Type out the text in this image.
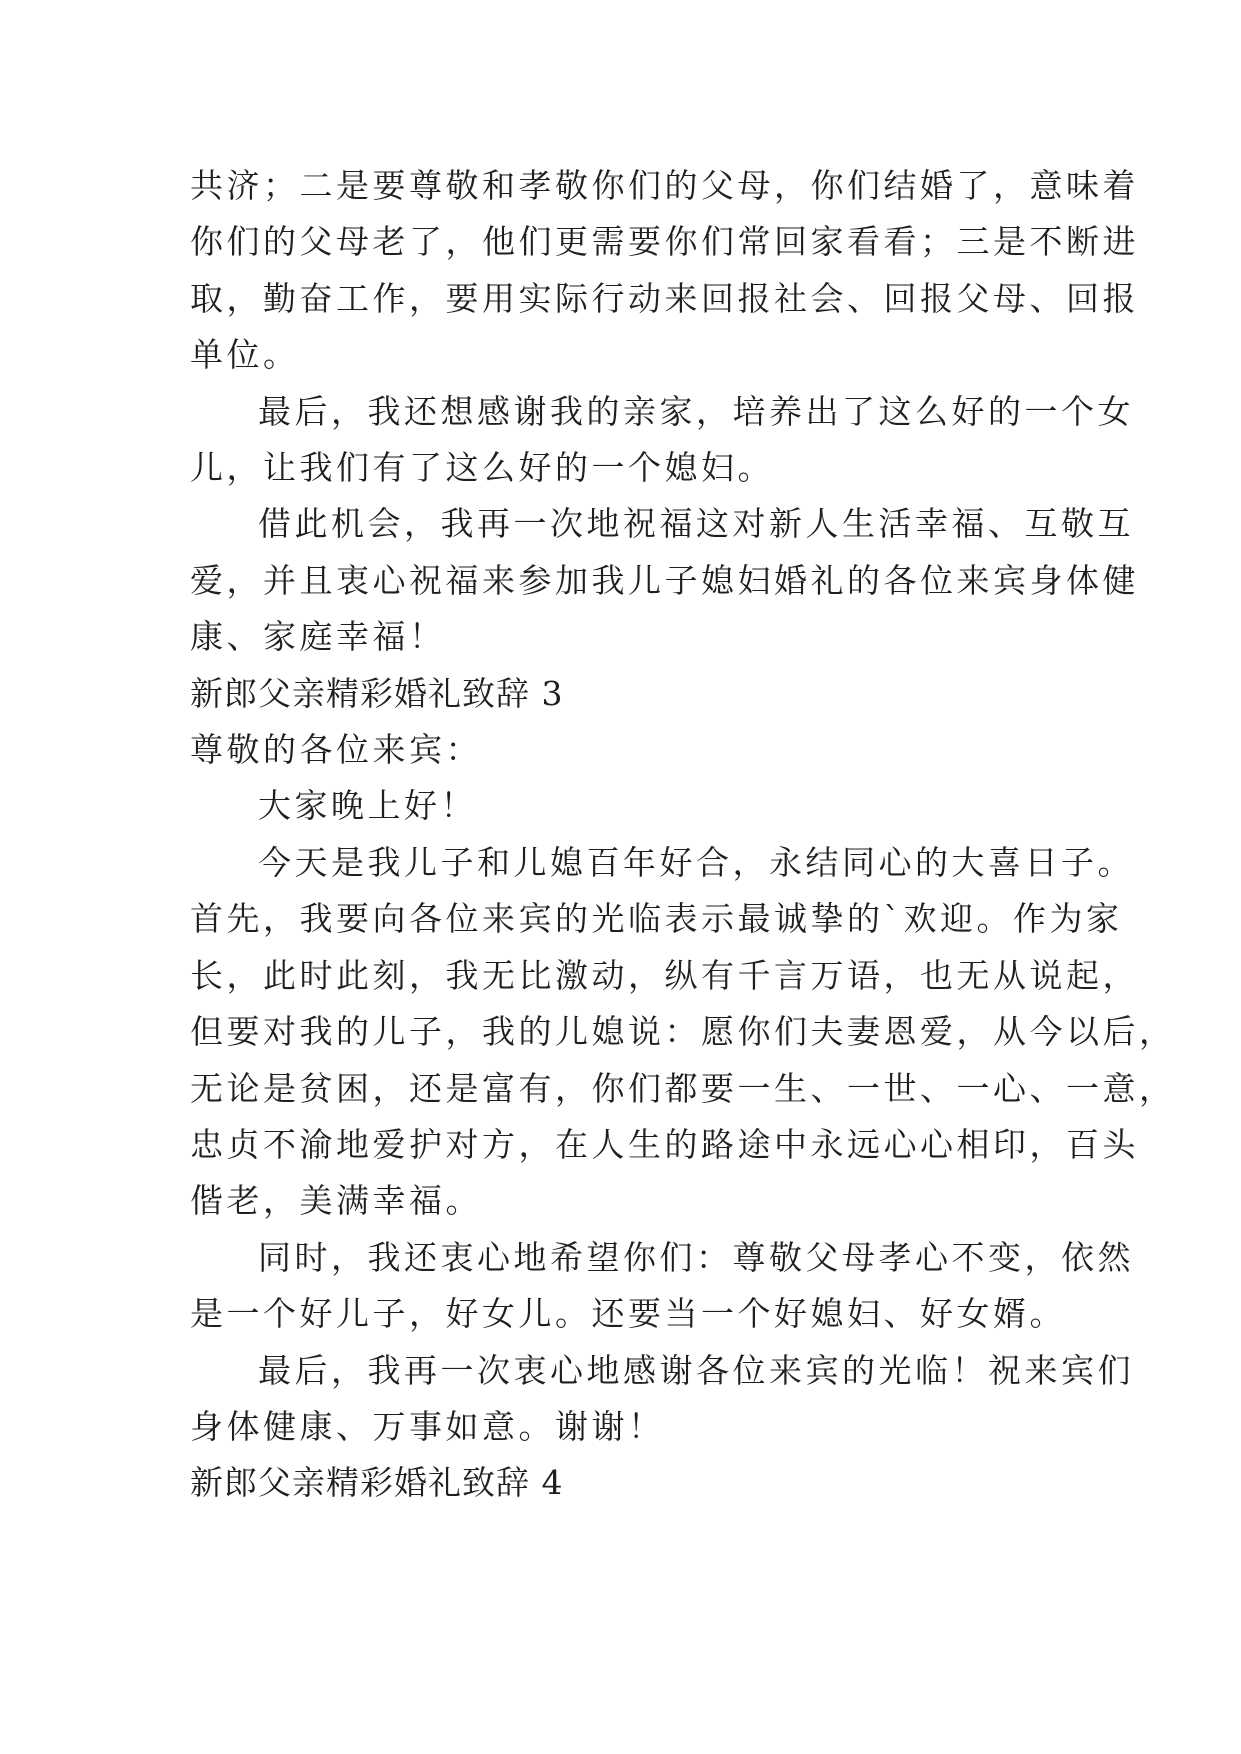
共济；二是要尊敬和孝敬你们的父母，你们结婚了，意味着
你们的父母老了，他们更需要你们常回家看看；三是不断进
取，勤奋工作，要用实际行动来回报社会、回报父母、回报
单位。
最后，我还想感谢我的亲家，培养出了这么好的一个女
儿，让我们有了这么好的一个媳妇。
借此机会，我再一次地祝福这对新人生活幸福、互敬互
爱，并且衷心祝福来参加我儿子媳妇婚礼的各位来宾身体健
康、家庭幸福！
新郎父亲精彩婚礼致辞 3
尊敬的各位来宾：
大家晚上好！
今天是我儿子和儿媳百年好合，永结同心的大喜日子。
首先，我要向各位来宾的光临表示最诚挚的`欢迎。作为家
长，此时此刻，我无比激动，纵有千言万语，也无从说起，
但要对我的儿子，我的儿媳说：愿你们夫妻恩爱，从今以后，
无论是贫困，还是富有，你们都要一生、一世、一心、一意，
忠贞不渝地爱护对方，在人生的路途中永远心心相印，百头
偕老，美满幸福。
同时，我还衷心地希望你们：尊敬父母孝心不变，依然
是一个好儿子，好女儿。还要当一个好媳妇、好女婿。
最后，我再一次衷心地感谢各位来宾的光临！祝来宾们
身体健康、万事如意。谢谢！
新郎父亲精彩婚礼致辞 4
